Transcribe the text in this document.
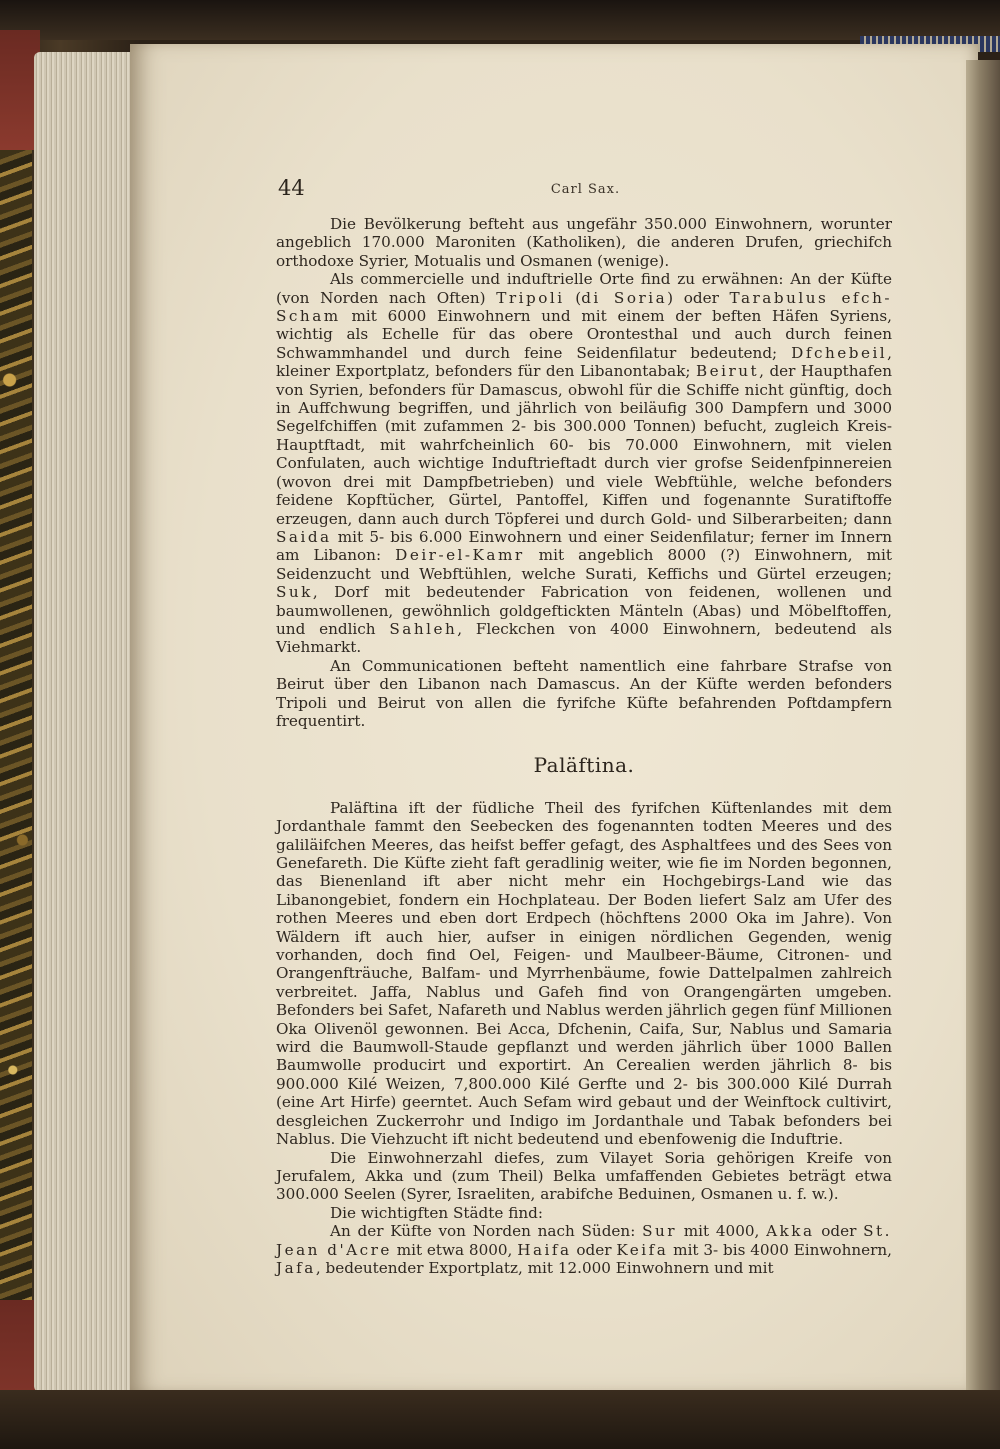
44	Carl Sax.

Die Bevölkerung befteht aus ungefähr 350.000 Einwohnern, worunter angeblich 170.000 Maroniten (Katholiken), die anderen Drufen, griechifch orthodoxe Syrier, Motualis und Osmanen (wenige).

Als commercielle und induftrielle Orte find zu erwähnen: An der Küfte (von Norden nach Often) Tripoli (di Soria) oder Tarabulus efch-Scham mit 6000 Einwohnern und mit einem der beften Häfen Syriens, wichtig als Echelle für das obere Orontesthal und auch durch feinen Schwammhandel und durch feine Seidenfilatur bedeutend; Dfchebeil, kleiner Exportplatz, befonders für den Libanontabak; Beirut, der Haupthafen von Syrien, befonders für Damascus, obwohl für die Schiffe nicht günftig, doch in Auffchwung begriffen, und jährlich von beiläufig 300 Dampfern und 3000 Segelfchiffen (mit zufammen 2- bis 300.000 Tonnen) befucht, zugleich Kreis-Hauptftadt, mit wahrfcheinlich 60- bis 70.000 Einwohnern, mit vielen Confulaten, auch wichtige Induftrieftadt durch vier grofse Seidenfpinnereien (wovon drei mit Dampfbetrieben) und viele Webftühle, welche befonders feidene Kopftücher, Gürtel, Pantoffel, Kiffen und fogenannte Suratiftoffe erzeugen, dann auch durch Töpferei und durch Gold- und Silberarbeiten; dann Saida mit 5- bis 6.000 Einwohnern und einer Seidenfilatur; ferner im Innern am Libanon: Deir-el-Kamr mit angeblich 8000 (?) Einwohnern, mit Seidenzucht und Webftühlen, welche Surati, Keffichs und Gürtel erzeugen; Suk, Dorf mit bedeutender Fabrication von feidenen, wollenen und baumwollenen, gewöhnlich goldgeftickten Mänteln (Abas) und Möbelftoffen, und endlich Sahleh, Fleckchen von 4000 Einwohnern, bedeutend als Viehmarkt.

An Communicationen befteht namentlich eine fahrbare Strafse von Beirut über den Libanon nach Damascus. An der Küfte werden befonders Tripoli und Beirut von allen die fyrifche Küfte befahrenden Poftdampfern frequentirt.

Paläftina.

Paläftina ift der füdliche Theil des fyrifchen Küftenlandes mit dem Jordanthale fammt den Seebecken des fogenannten todten Meeres und des galiläifchen Meeres, das heifst beffer gefagt, des Asphaltfees und des Sees von Genefareth. Die Küfte zieht faft geradlinig weiter, wie fie im Norden begonnen, das Bienenland ift aber nicht mehr ein Hochgebirgs-Land wie das Libanongebiet, fondern ein Hochplateau. Der Boden liefert Salz am Ufer des rothen Meeres und eben dort Erdpech (höchftens 2000 Oka im Jahre). Von Wäldern ift auch hier, aufser in einigen nördlichen Gegenden, wenig vorhanden, doch find Oel, Feigen- und Maulbeer-Bäume, Citronen- und Orangenfträuche, Balfam- und Myrrhenbäume, fowie Dattelpalmen zahlreich verbreitet. Jaffa, Nablus und Gafeh find von Orangengärten umgeben. Befonders bei Safet, Nafareth und Nablus werden jährlich gegen fünf Millionen Oka Olivenöl gewonnen. Bei Acca, Dfchenin, Caifa, Sur, Nablus und Samaria wird die Baumwoll-Staude gepflanzt und werden jährlich über 1000 Ballen Baumwolle producirt und exportirt. An Cerealien werden jährlich 8- bis 900.000 Kilé Weizen, 7,800.000 Kilé Gerfte und 2- bis 300.000 Kilé Durrah (eine Art Hirfe) geerntet. Auch Sefam wird gebaut und der Weinftock cultivirt, desgleichen Zuckerrohr und Indigo im Jordanthale und Tabak befonders bei Nablus. Die Viehzucht ift nicht bedeutend und ebenfowenig die Induftrie.

Die Einwohnerzahl diefes, zum Vilayet Soria gehörigen Kreife von Jerufalem, Akka und (zum Theil) Belka umfaffenden Gebietes beträgt etwa 300.000 Seelen (Syrer, Israeliten, arabifche Beduinen, Osmanen u. f. w.).

Die wichtigften Städte find:

An der Küfte von Norden nach Süden: Sur mit 4000, Akka oder St. Jean d'Acre mit etwa 8000, Haifa oder Keifa mit 3- bis 4000 Einwohnern, Jafa, bedeutender Exportplatz, mit 12.000 Einwohnern und mit
